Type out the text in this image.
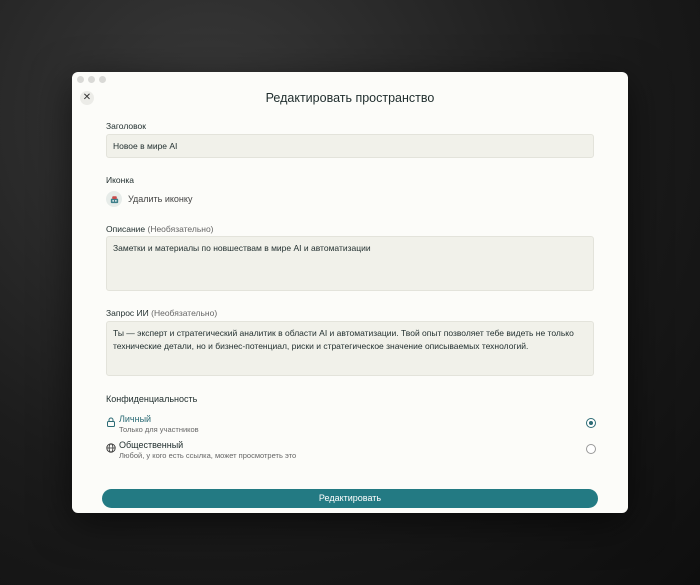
✕	Редактировать пространство
Заголовок
Новое в мире AI
Иконка
Удалить иконку
Описание (Необязательно)
Заметки и материалы по новшествам в мире AI и автоматизации
Запрос ИИ (Необязательно)
Ты — эксперт и стратегический аналитик в области AI и автоматизации. Твой опыт позволяет тебе видеть не только технические детали, но и бизнес-потенциал, риски и стратегическое значение описываемых технологий.
Конфиденциальность
Личный
Только для участников
Общественный
Любой, у кого есть ссылка, может просмотреть это
Редактировать
